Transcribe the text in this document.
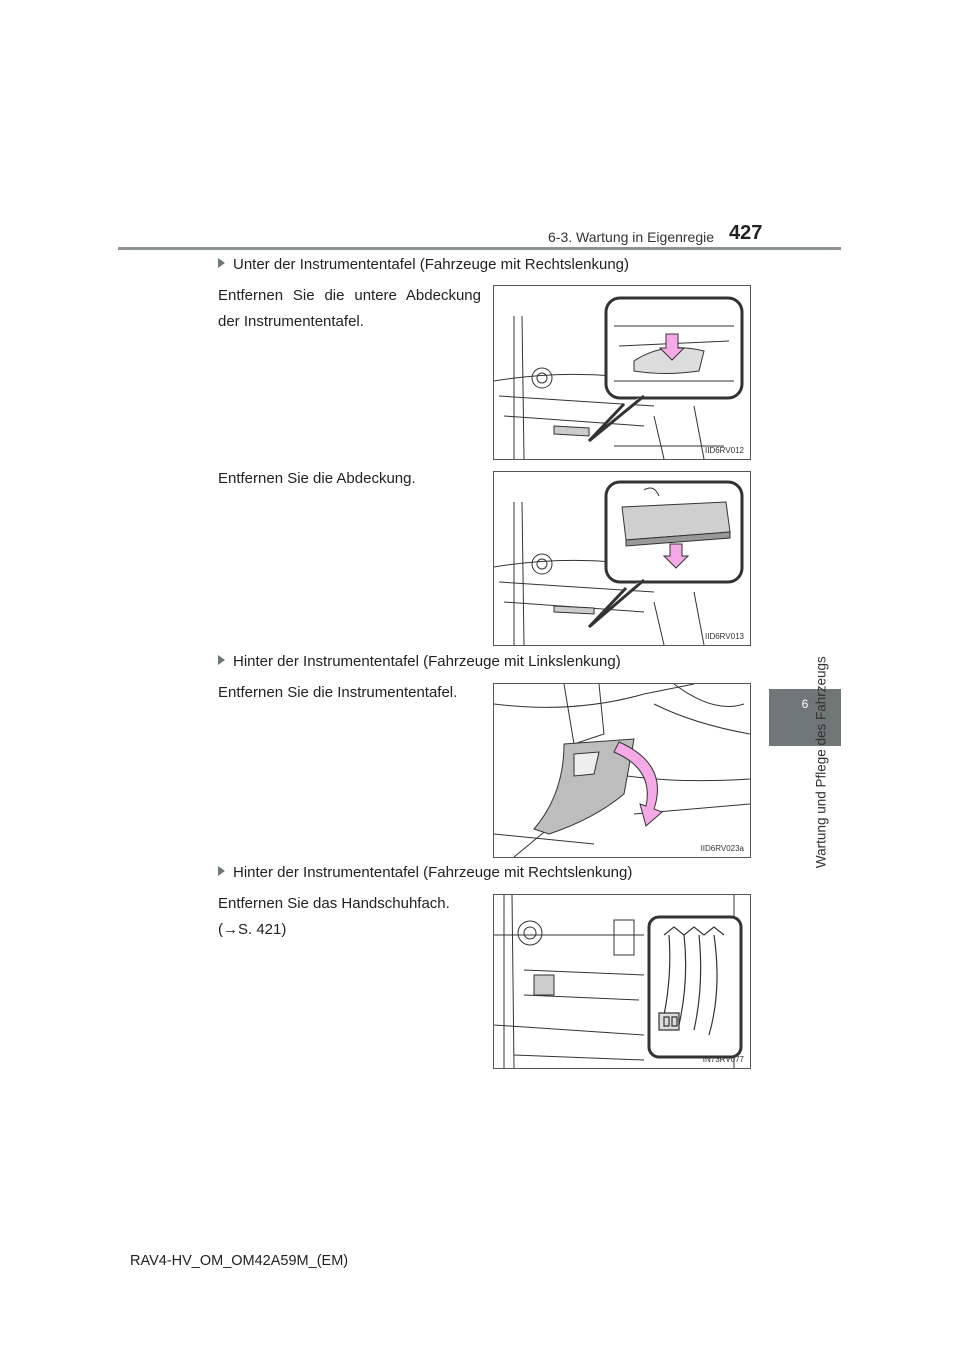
6-3. Wartung in Eigenregie 427
6 Wartung und Pflege des Fahrzeugs
Unter der Instrumententafel (Fahrzeuge mit Rechtslenkung)
Entfernen Sie die untere Abdeckung der Instrumententafel.
IID6RV012
Entfernen Sie die Abdeckung.
IID6RV013
Hinter der Instrumententafel (Fahrzeuge mit Linkslenkung)
Entfernen Sie die Instrumententafel.
IID6RV023a
Hinter der Instrumententafel (Fahrzeuge mit Rechtslenkung)
Entfernen Sie das Handschuhfach.
(→S. 421)
IN73RV077
RAV4-HV_OM_OM42A59M_(EM)
